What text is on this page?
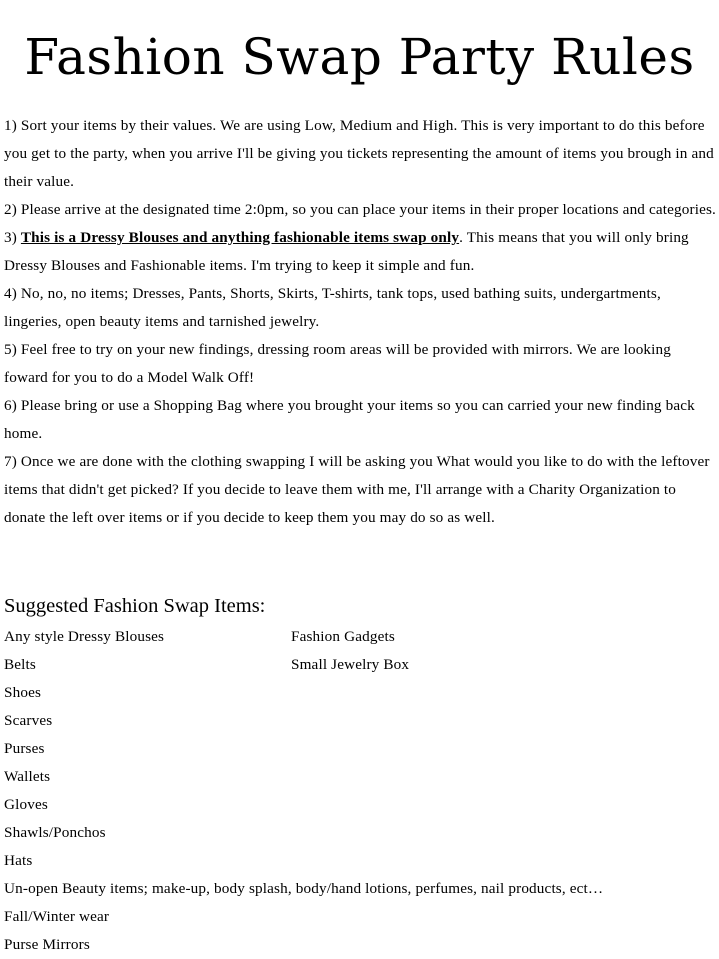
Fashion Swap Party Rules

1) Sort your items by their values. We are using Low, Medium and High. This is very important to do this before you get to the party, when you arrive I'll be giving you tickets representing the amount of items you brough in and their value.

2) Please arrive at the designated time 2:0pm, so you can place your items in their proper locations and categories.

3) This is a Dressy Blouses and anything fashionable items swap only. This means that you will only bring Dressy Blouses and Fashionable items. I'm trying to keep it simple and fun.

4) No, no, no items; Dresses, Pants, Shorts, Skirts, T-shirts, tank tops, used bathing suits, undergartments, lingeries, open beauty items and tarnished jewelry.

5) Feel free to try on your new findings, dressing room areas will be provided with mirrors. We are looking foward for you to do a Model Walk Off!

6) Please bring or use a Shopping Bag where you brought your items so you can carried your new finding back home.

7) Once we are done with the clothing swapping I will be asking you What would you like to do with the leftover items that didn't get picked? If you decide to leave them with me, I'll arrange with a Charity Organization to donate the left over items or if you decide to keep them you may do so as well.

Suggested Fashion Swap Items:
Any style Dressy Blouses
Belts
Shoes
Scarves
Purses
Wallets
Gloves
Shawls/Ponchos
Hats
Un-open Beauty items; make-up, body splash, body/hand lotions, perfumes, nail products, ect…
Fall/Winter wear
Purse Mirrors
Fashion Gadgets
Small Jewelry Box
